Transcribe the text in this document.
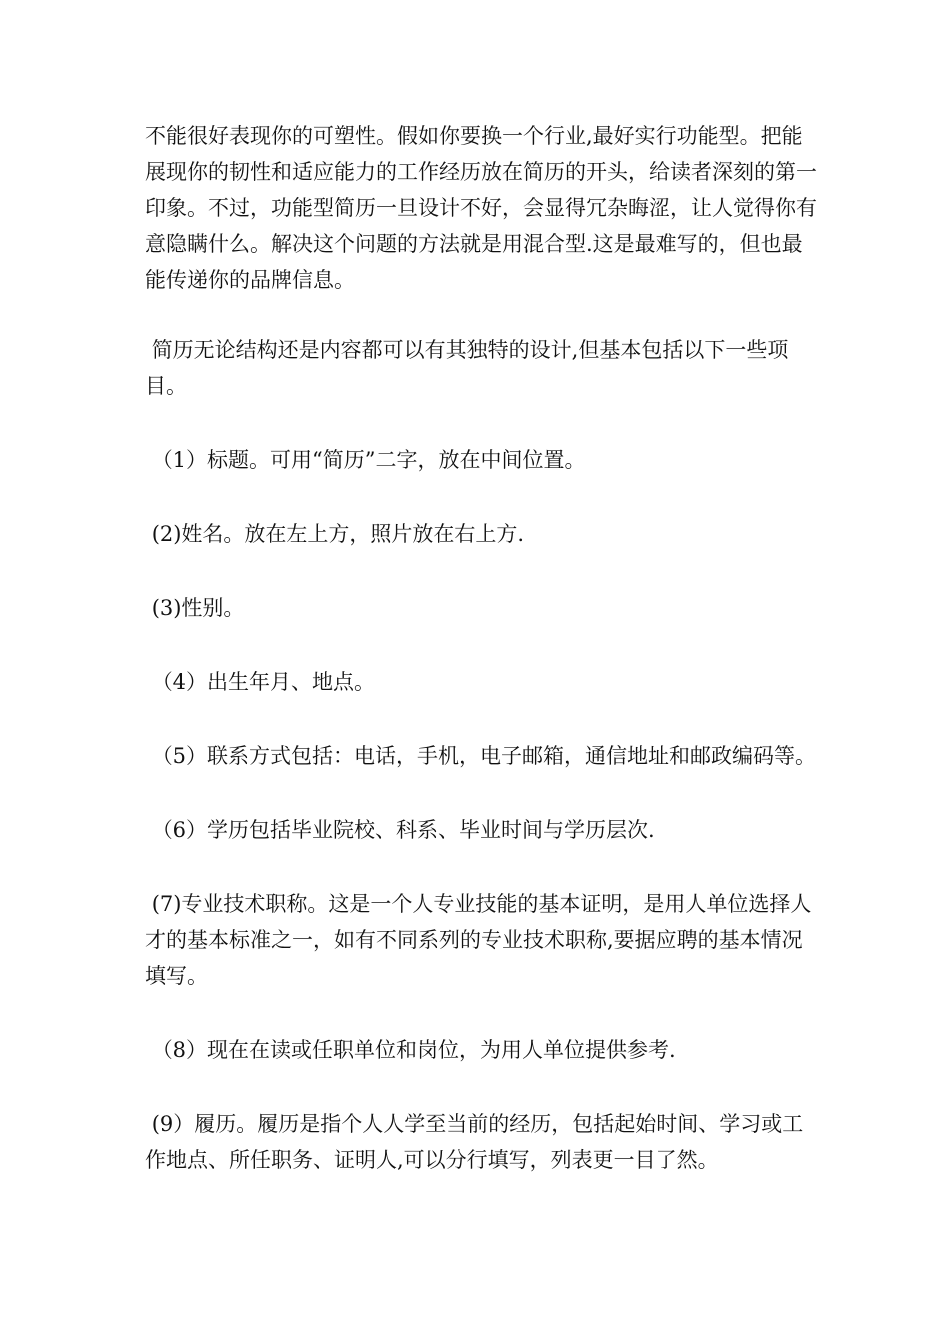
不能很好表现你的可塑性。假如你要换一个行业,最好实行功能型。把能展现你的韧性和适应能力的工作经历放在简历的开头，给读者深刻的第一印象。不过，功能型简历一旦设计不好，会显得冗杂晦涩，让人觉得你有意隐瞒什么。解决这个问题的方法就是用混合型.这是最难写的，但也最能传递你的品牌信息。

简历无论结构还是内容都可以有其独特的设计,但基本包括以下一些项目。

（1）标题。可用“简历”二字，放在中间位置。

(2)姓名。放在左上方，照片放在右上方.

(3)性别。

（4）出生年月、地点。

（5）联系方式包括：电话，手机，电子邮箱，通信地址和邮政编码等。

（6）学历包括毕业院校、科系、毕业时间与学历层次.

(7)专业技术职称。这是一个人专业技能的基本证明，是用人单位选择人才的基本标准之一，如有不同系列的专业技术职称,要据应聘的基本情况填写。

（8）现在在读或任职单位和岗位，为用人单位提供参考.

(9）履历。履历是指个人人学至当前的经历，包括起始时间、学习或工作地点、所任职务、证明人,可以分行填写，列表更一目了然。
